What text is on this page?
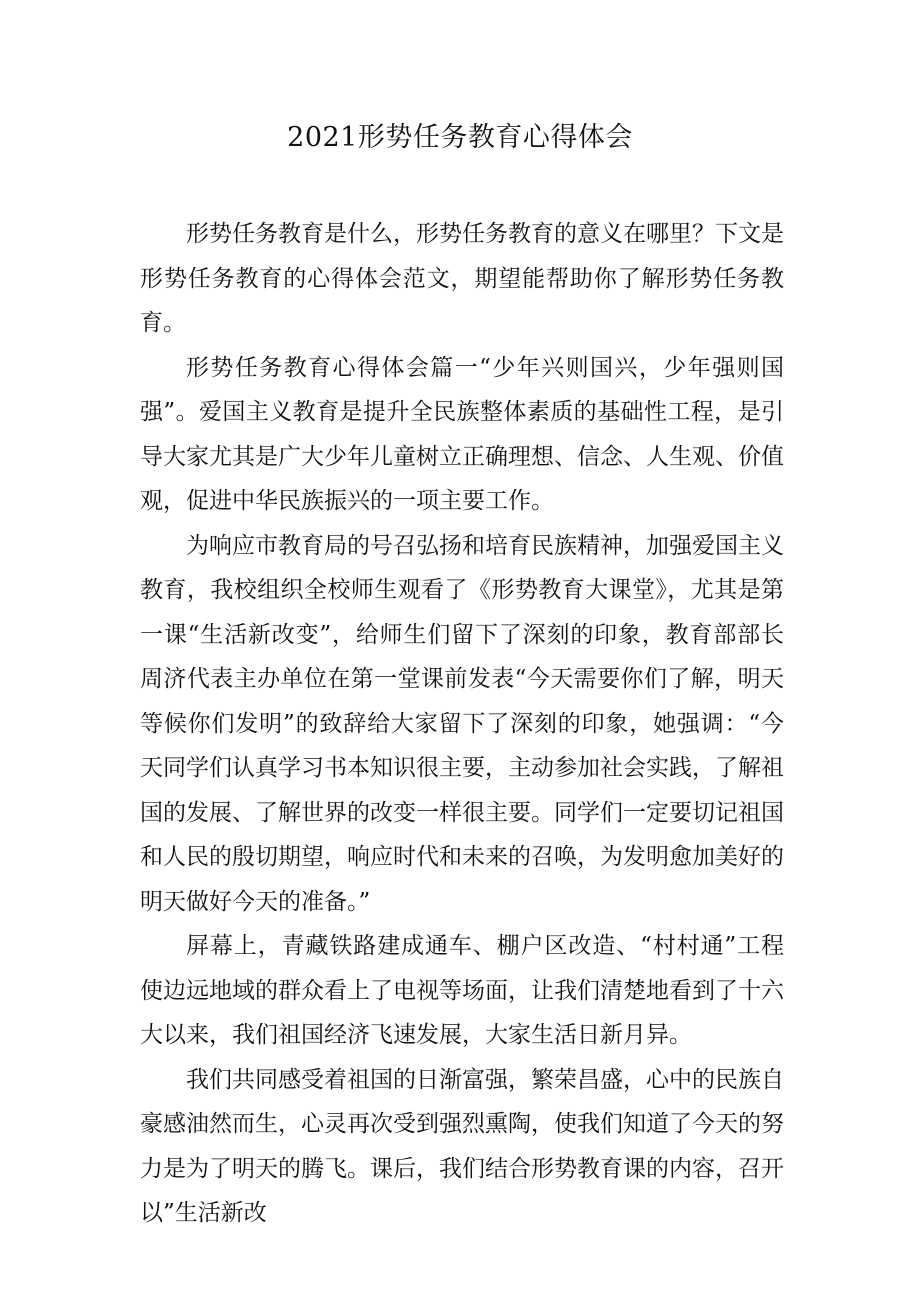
2021形势任务教育心得体会

形势任务教育是什么，形势任务教育的意义在哪里？下文是形势任务教育的心得体会范文，期望能帮助你了解形势任务教育。

形势任务教育心得体会篇一“少年兴则国兴，少年强则国强”。爱国主义教育是提升全民族整体素质的基础性工程，是引导大家尤其是广大少年儿童树立正确理想、信念、人生观、价值观，促进中华民族振兴的一项主要工作。

为响应市教育局的号召弘扬和培育民族精神，加强爱国主义教育，我校组织全校师生观看了《形势教育大课堂》，尤其是第一课“生活新改变”，给师生们留下了深刻的印象，教育部部长周济代表主办单位在第一堂课前发表“今天需要你们了解，明天等候你们发明”的致辞给大家留下了深刻的印象，她强调：“今天同学们认真学习书本知识很主要，主动参加社会实践，了解祖国的发展、了解世界的改变一样很主要。同学们一定要切记祖国和人民的殷切期望，响应时代和未来的召唤，为发明愈加美好的明天做好今天的准备。”

屏幕上，青藏铁路建成通车、棚户区改造、“村村通”工程使边远地域的群众看上了电视等场面，让我们清楚地看到了十六大以来，我们祖国经济飞速发展，大家生活日新月异。

我们共同感受着祖国的日渐富强，繁荣昌盛，心中的民族自豪感油然而生，心灵再次受到强烈熏陶，使我们知道了今天的努力是为了明天的腾飞。课后，我们结合形势教育课的内容，召开以”生活新改
